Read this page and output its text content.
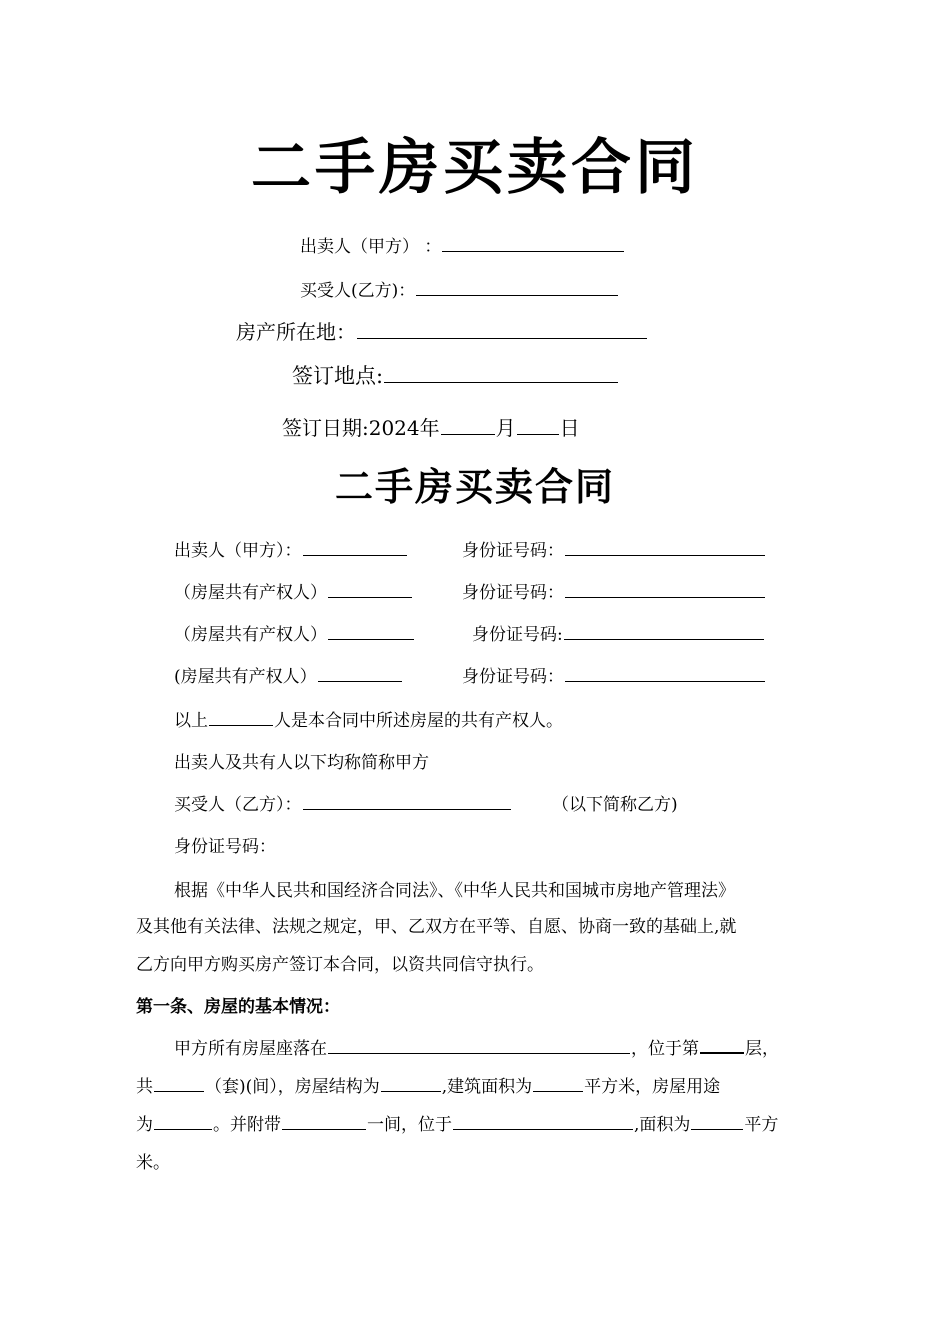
二手房买卖合同
出卖人（甲方） ：
买受人(乙方)：
房产所在地：
签订地点:
签订日期:2024年	月 日
二手房买卖合同
出卖人（甲方）：	身份证号码：
（房屋共有产权人）	身份证号码：
（房屋共有产权人）	身份证号码:
(房屋共有产权人）	身份证号码：
以上	人是本合同中所述房屋的共有产权人。
出卖人及共有人以下均称简称甲方
买受人（乙方）：	（以下简称乙方)
身份证号码：
根据《中华人民共和国经济合同法》、《中华人民共和国城市房地产管理法》
及其他有关法律、法规之规定，甲、乙双方在平等、自愿、协商一致的基础上,就
乙方向甲方购买房产签订本合同，以资共同信守执行。
第一条、房屋的基本情况：
甲方所有房屋座落在	，位于第	层，
共	（套)(间），房屋结构为	,建筑面积为	平方米，房屋用途
为	。并附带	一间，位于	,面积为	平方
米。
